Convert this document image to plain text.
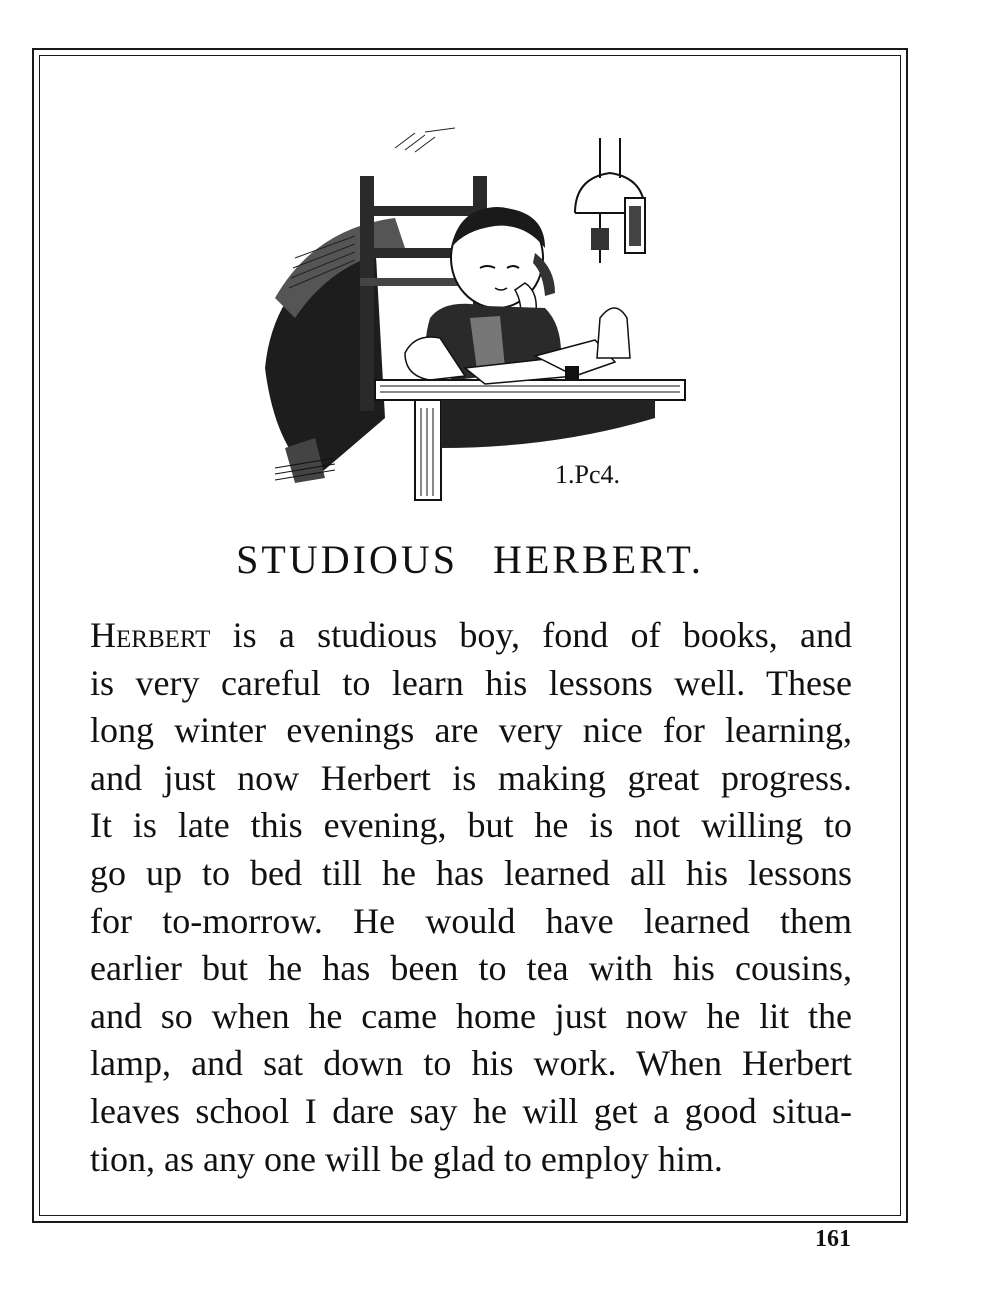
1.Pc4.
STUDIOUS HERBERT.
Herbert is a studious boy, fond of books, and
is very careful to learn his lessons well. These
long winter evenings are very nice for learning,
and just now Herbert is making great progress.
It is late this evening, but he is not willing to
go up to bed till he has learned all his lessons
for to-morrow. He would have learned them
earlier but he has been to tea with his cousins,
and so when he came home just now he lit the
lamp, and sat down to his work. When Herbert
leaves school I dare say he will get a good situa-
tion, as any one will be glad to employ him.
161
